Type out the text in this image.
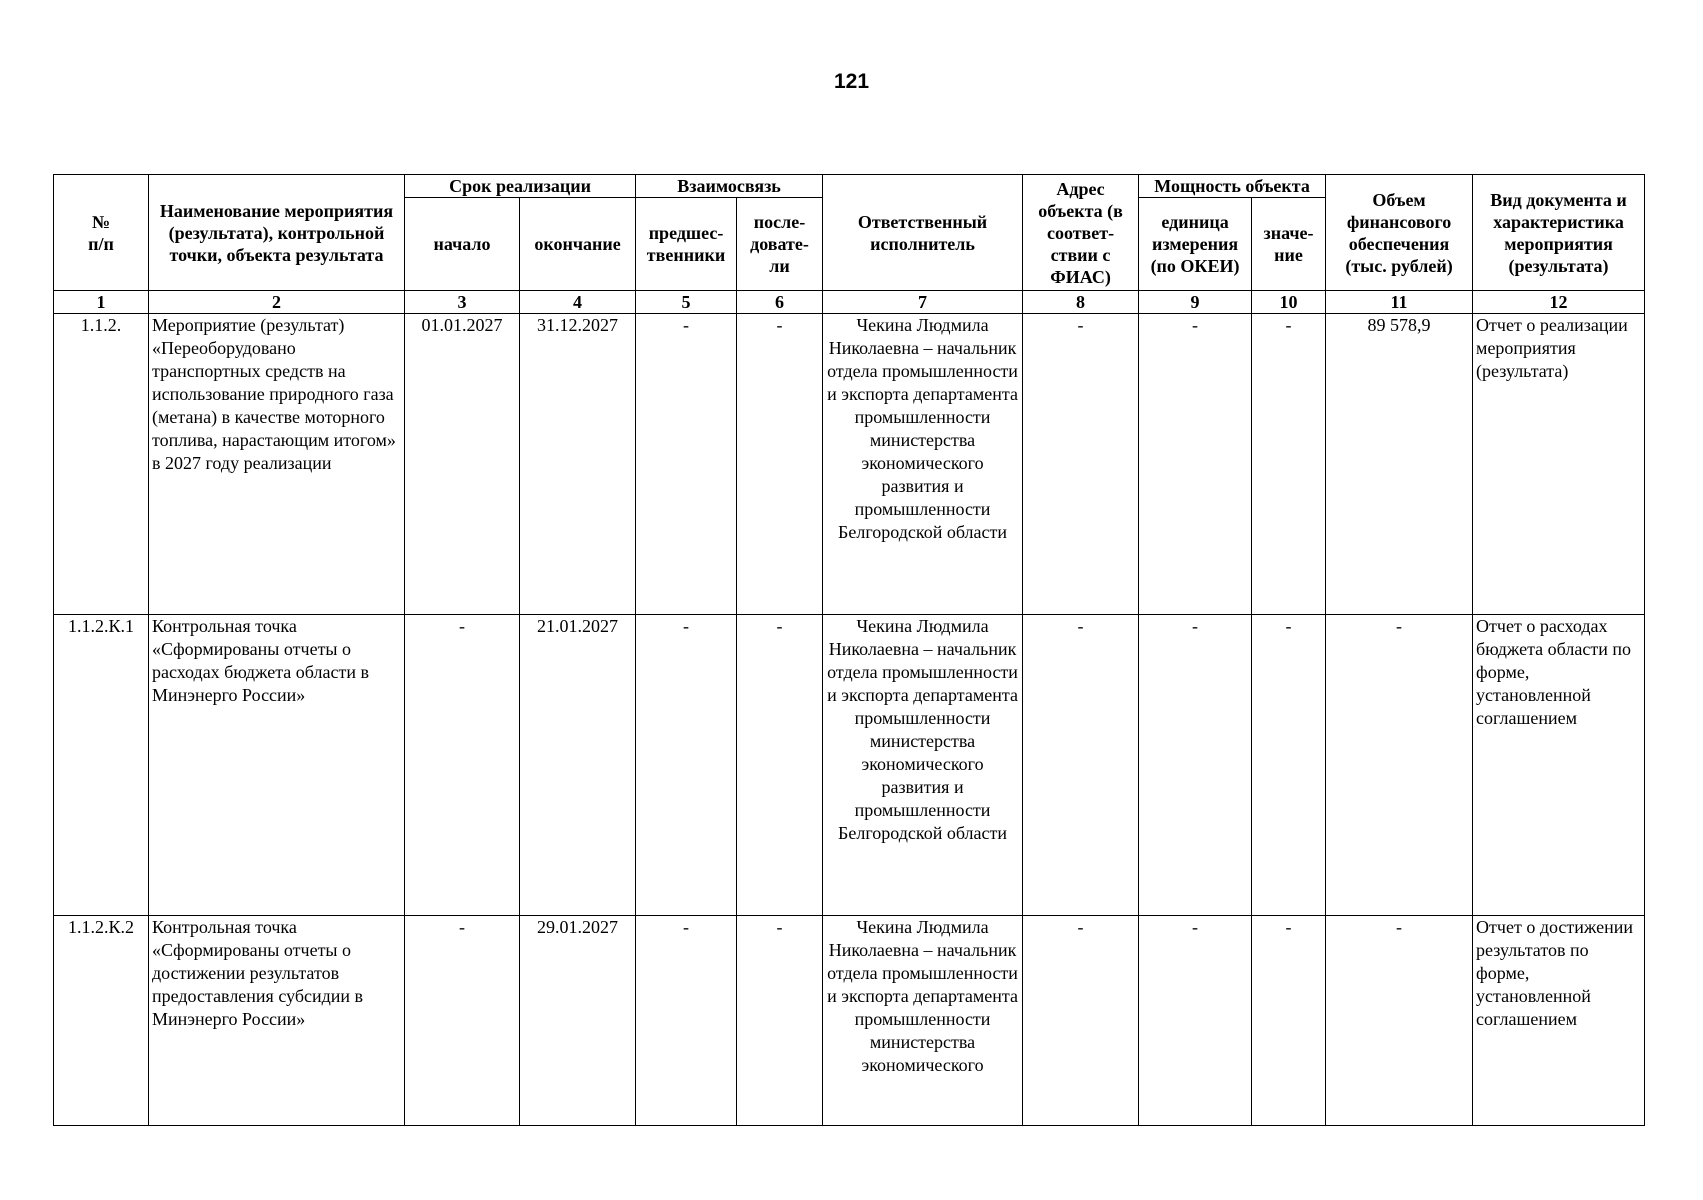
121
№
п/п	Наименование мероприятия (результата), контрольной точки, объекта результата	Срок реализации		Взаимосвязь		Ответственный исполнитель	Адрес объекта (в соответ-ствии с ФИАС)	Мощность объекта		Объем финансового обеспечения (тыс. рублей)	Вид документа и характеристика мероприятия (результата)
		начало	окончание	предшес-твенники	после-довате-ли			единица измерения (по ОКЕИ)	значе-ние		
1	2	3	4	5	6	7	8	9	10	11	12
1.1.2.	Мероприятие (результат) «Переоборудовано транспортных средств на использование природного газа (метана) в качестве моторного топлива, нарастающим итогом» в 2027 году реализации	01.01.2027	31.12.2027	-	-	Чекина Людмила Николаевна – начальник отдела промышленности и экспорта департамента промышленности министерства экономического развития и промышленности Белгородской области	-	-	-	89 578,9	Отчет о реализации мероприятия (результата)
1.1.2.К.1	Контрольная точка «Сформированы отчеты о расходах бюджета области в Минэнерго России»	-	21.01.2027	-	-	Чекина Людмила Николаевна – начальник отдела промышленности и экспорта департамента промышленности министерства экономического развития и промышленности Белгородской области	-	-	-	-	Отчет о расходах бюджета области по форме, установленной соглашением
1.1.2.К.2	Контрольная точка «Сформированы отчеты о достижении результатов предоставления субсидии в Минэнерго России»	-	29.01.2027	-	-	Чекина Людмила Николаевна – начальник отдела промышленности и экспорта департамента промышленности министерства экономического	-	-	-	-	Отчет о достижении результатов по форме, установленной соглашением
